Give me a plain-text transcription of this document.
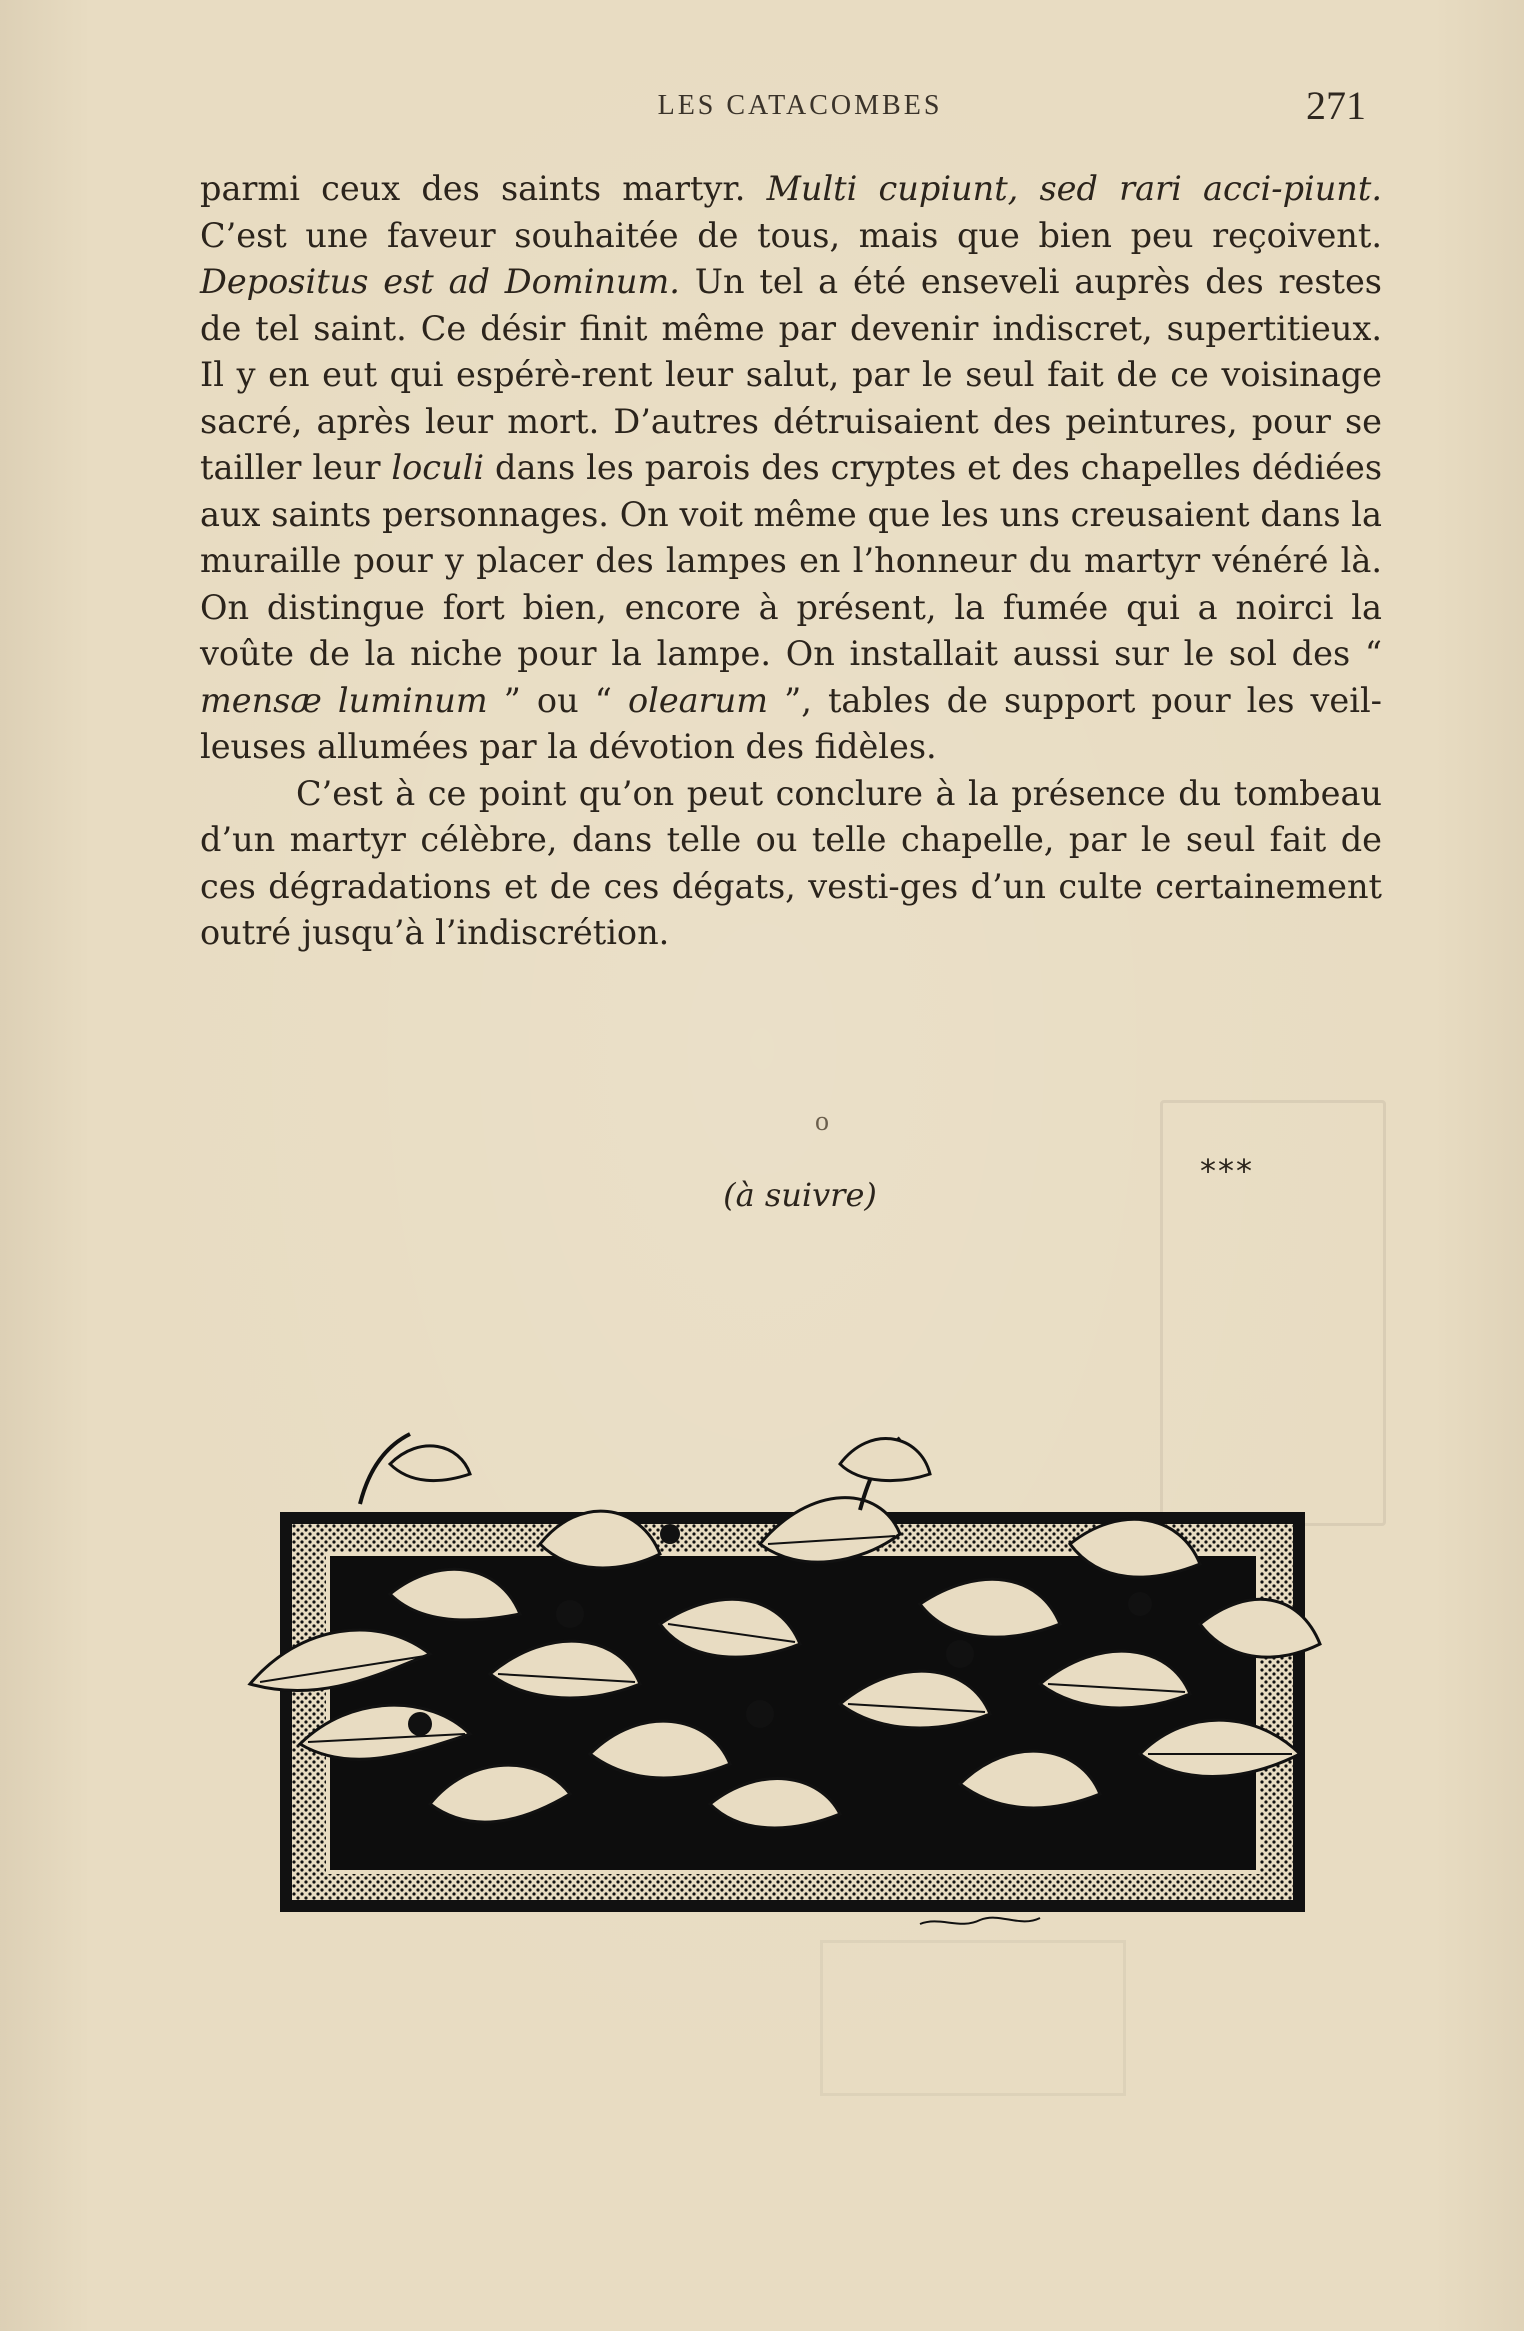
LES CATACOMBES	271

parmi ceux des saints martyr. Multi cupiunt, sed rari acci-piunt. C’est une faveur souhaitée de tous, mais que bien peu reçoivent. Depositus est ad Dominum. Un tel a été enseveli auprès des restes de tel saint. Ce désir finit même par devenir indiscret, supertitieux. Il y en eut qui espérè-rent leur salut, par le seul fait de ce voisinage sacré, après leur mort. D’autres détruisaient des peintures, pour se tailler leur loculi dans les parois des cryptes et des chapelles dédiées aux saints personnages. On voit même que les uns creusaient dans la muraille pour y placer des lampes en l’honneur du martyr vénéré là. On distingue fort bien, encore à présent, la fumée qui a noirci la voûte de la niche pour la lampe. On installait aussi sur le sol des “ mensæ luminum ” ou “ olearum ”, tables de support pour les veil-leuses allumées par la dévotion des fidèles.

C’est à ce point qu’on peut conclure à la présence du tombeau d’un martyr célèbre, dans telle ou telle chapelle, par le seul fait de ces dégradations et de ces dégats, vesti-ges d’un culte certainement outré jusqu’à l’indiscrétion.

o
***
(à suivre)
